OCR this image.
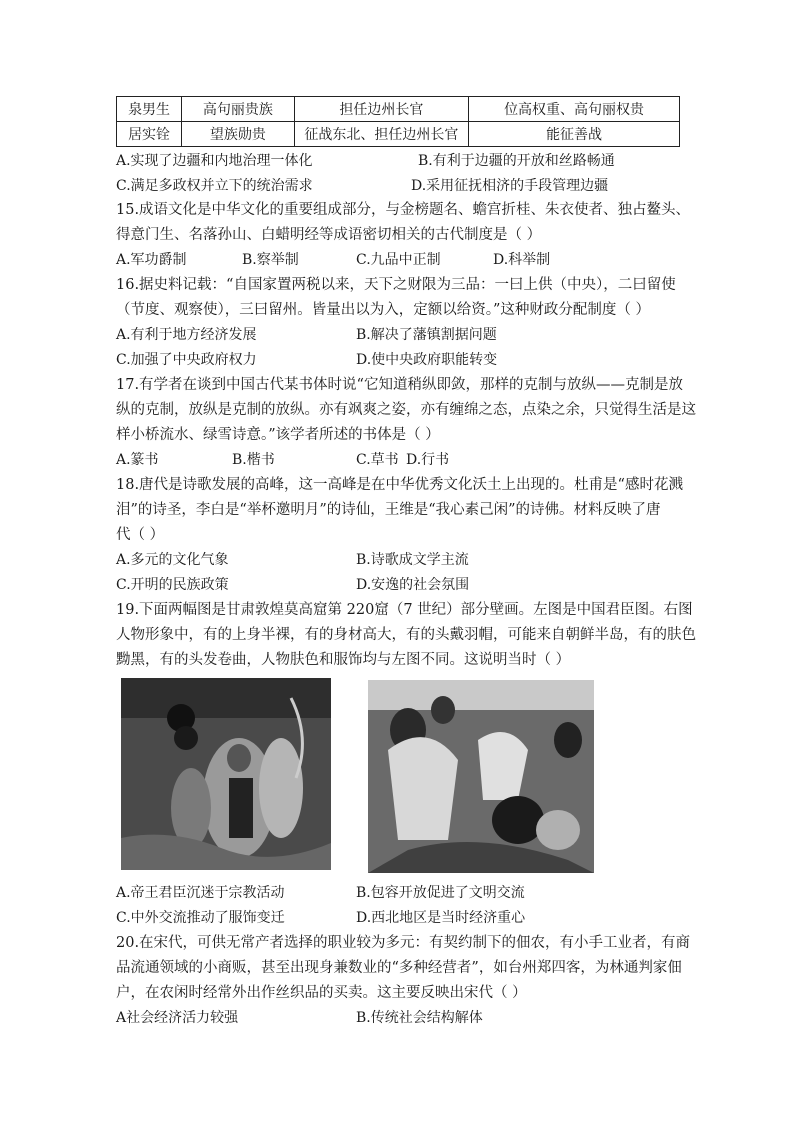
泉男生	高句丽贵族	担任边州长官	位高权重、高句丽权贵
居实铨	望族勋贵	征战东北、担任边州长官	能征善战
A.实现了边疆和内地治理一体化	B.有利于边疆的开放和丝路畅通
C.满足多政权并立下的统治需求	D.采用征抚相济的手段管理边疆
15.成语文化是中华文化的重要组成部分，与金榜题名、蟾宫折桂、朱衣使者、独占鳌头、
得意门生、名落孙山、白蜡明经等成语密切相关的古代制度是（ ）
A.军功爵制	B.察举制	C.九品中正制	D.科举制
16.据史料记载：“自国家置两税以来，天下之财限为三品：一曰上供（中央），二曰留使
（节度、观察使），三曰留州。皆量出以为入，定额以给资。”这种财政分配制度（ ）
A.有利于地方经济发展	B.解决了藩镇割据问题
C.加强了中央政府权力	D.使中央政府职能转变
17.有学者在谈到中国古代某书体时说“它知道稍纵即敛，那样的克制与放纵——克制是放
纵的克制，放纵是克制的放纵。亦有飒爽之姿，亦有缠绵之态，点染之余，只觉得生活是这
样小桥流水、绿雪诗意。”该学者所述的书体是（ ）
A.篆书	B.楷书	C.草书 D.行书
18.唐代是诗歌发展的高峰，这一高峰是在中华优秀文化沃土上出现的。杜甫是“感时花溅
泪”的诗圣，李白是“举杯邀明月”的诗仙，王维是“我心素己闲”的诗佛。材料反映了唐
代（ ）
A.多元的文化气象	B.诗歌成文学主流
C.开明的民族政策	D.安逸的社会氛围
19.下面两幅图是甘肃敦煌莫高窟第 220窟（7 世纪）部分壁画。左图是中国君臣图。右图
人物形象中，有的上身半裸，有的身材高大，有的头戴羽帽，可能来自朝鲜半岛，有的肤色
黝黑，有的头发卷曲，人物肤色和服饰均与左图不同。这说明当时（ ）
A.帝王君臣沉迷于宗教活动	B.包容开放促进了文明交流
C.中外交流推动了服饰变迁	D.西北地区是当时经济重心
20.在宋代，可供无常产者选择的职业较为多元：有契约制下的佃农，有小手工业者，有商
品流通领域的小商贩，甚至出现身兼数业的“多种经营者”，如台州郑四客，为林通判家佃
户，在农闲时经常外出作丝织品的买卖。这主要反映出宋代（ ）
A社会经济活力较强	B.传统社会结构解体
